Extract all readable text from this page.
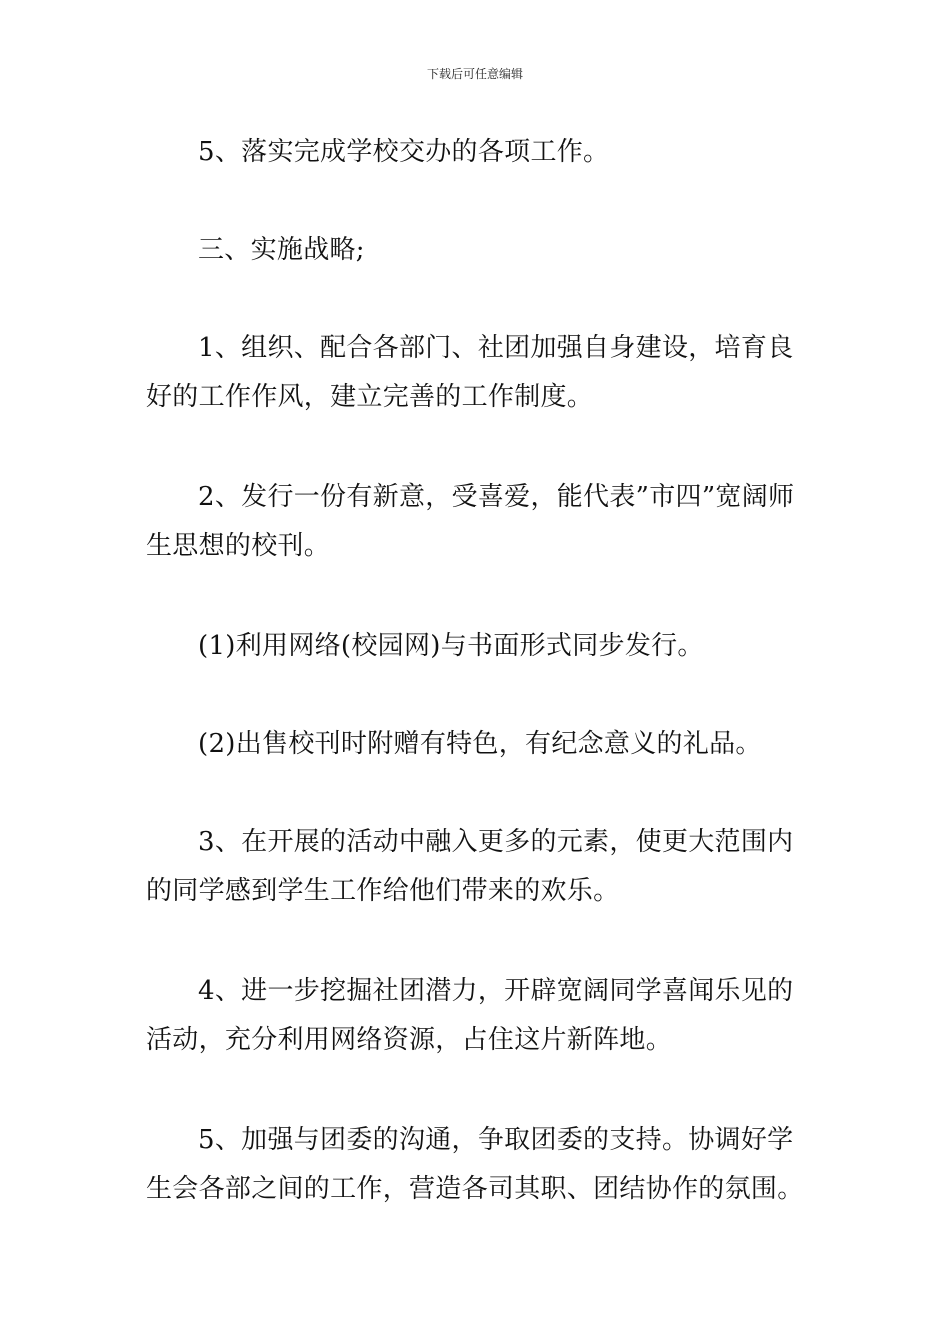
下载后可任意编辑

5、落实完成学校交办的各项工作。

三、实施战略;

1、组织、配合各部门、社团加强自身建设，培育良好的工作作风，建立完善的工作制度。

2、发行一份有新意，受喜爱，能代表”市四”宽阔师生思想的校刊。

(1)利用网络(校园网)与书面形式同步发行。

(2)出售校刊时附赠有特色，有纪念意义的礼品。

3、在开展的活动中融入更多的元素，使更大范围内的同学感到学生工作给他们带来的欢乐。

4、进一步挖掘社团潜力，开辟宽阔同学喜闻乐见的活动，充分利用网络资源，占住这片新阵地。

5、加强与团委的沟通，争取团委的支持。协调好学生会各部之间的工作，营造各司其职、团结协作的氛围。
